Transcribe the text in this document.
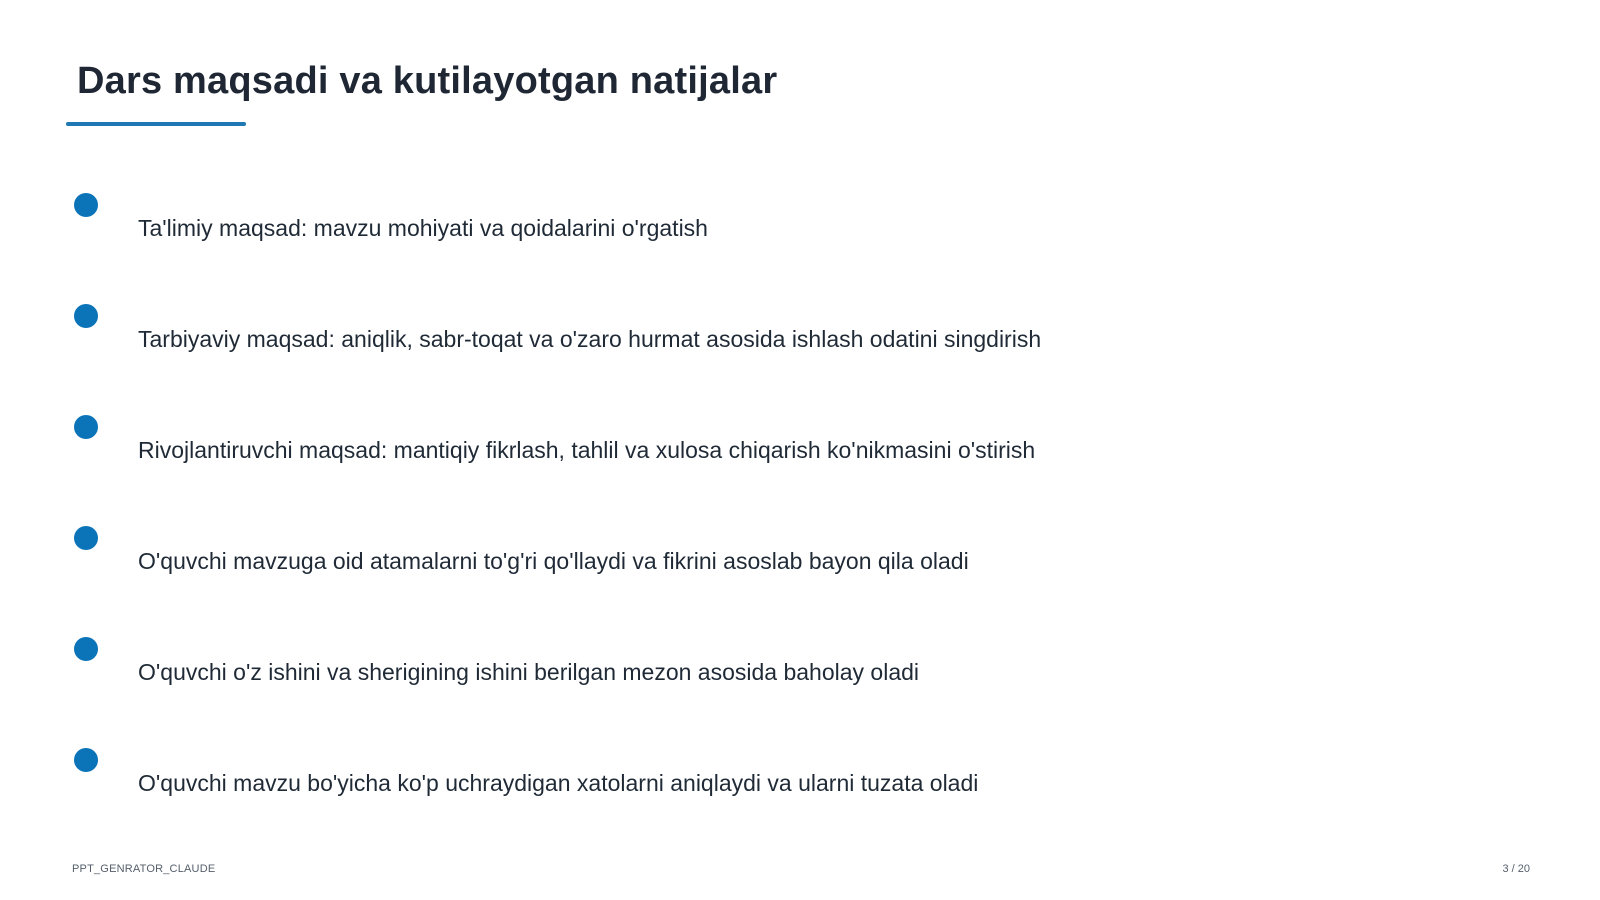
Dars maqsadi va kutilayotgan natijalar
Ta'limiy maqsad: mavzu mohiyati va qoidalarini o'rgatish
Tarbiyaviy maqsad: aniqlik, sabr-toqat va o'zaro hurmat asosida ishlash odatini singdirish
Rivojlantiruvchi maqsad: mantiqiy fikrlash, tahlil va xulosa chiqarish ko'nikmasini o'stirish
O'quvchi mavzuga oid atamalarni to'g'ri qo'llaydi va fikrini asoslab bayon qila oladi
O'quvchi o'z ishini va sherigining ishini berilgan mezon asosida baholay oladi
O'quvchi mavzu bo'yicha ko'p uchraydigan xatolarni aniqlaydi va ularni tuzata oladi
PPT_GENRATOR_CLAUDE	3 / 20
